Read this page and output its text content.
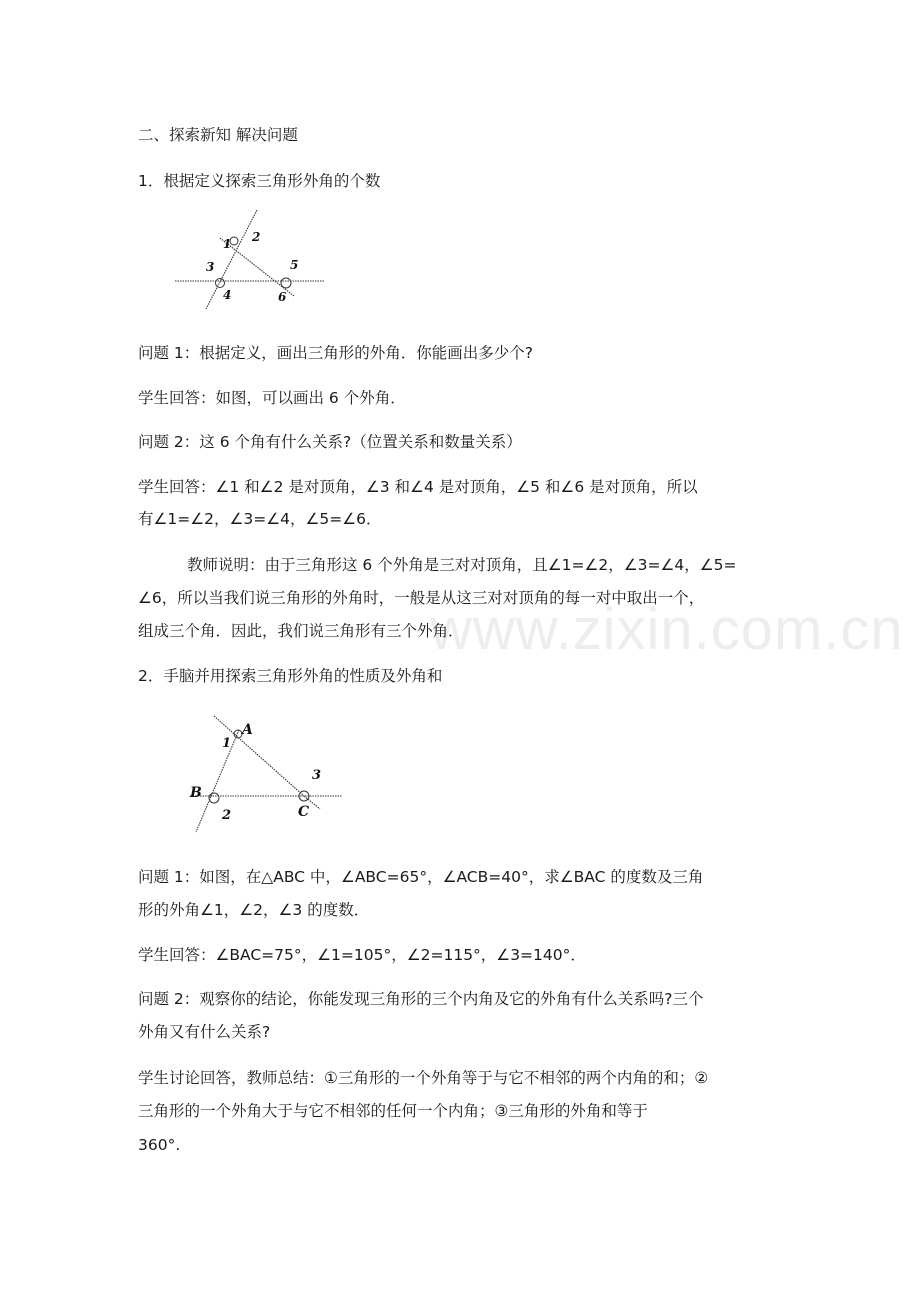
www.zixin.com.cn
二、探索新知 解决问题
1．根据定义探索三角形外角的个数
1 2
3
4
5
6
问题 1：根据定义，画出三角形的外角．你能画出多少个?
学生回答：如图，可以画出 6 个外角．
问题 2：这 6 个角有什么关系?（位置关系和数量关系）
学生回答：∠1 和∠2 是对顶角，∠3 和∠4 是对顶角，∠5 和∠6 是对顶角，所以
有∠1=∠2，∠3=∠4，∠5=∠6．
教师说明：由于三角形这 6 个外角是三对对顶角，且∠1=∠2，∠3=∠4，∠5=
∠6，所以当我们说三角形的外角时，一般是从这三对对顶角的每一对中取出一个，
组成三个角．因此，我们说三角形有三个外角．
2．手脑并用探索三角形外角的性质及外角和
A
B
C
1
2
3
问题 1：如图，在△ABC 中，∠ABC=65°，∠ACB=40°，求∠BAC 的度数及三角
形的外角∠1，∠2，∠3 的度数．
学生回答：∠BAC=75°，∠1=105°，∠2=115°，∠3=140°．
问题 2：观察你的结论，你能发现三角形的三个内角及它的外角有什么关系吗?三个
外角又有什么关系?
学生讨论回答，教师总结：①三角形的一个外角等于与它不相邻的两个内角的和；②
三角形的一个外角大于与它不相邻的任何一个内角；③三角形的外角和等于
360°.
